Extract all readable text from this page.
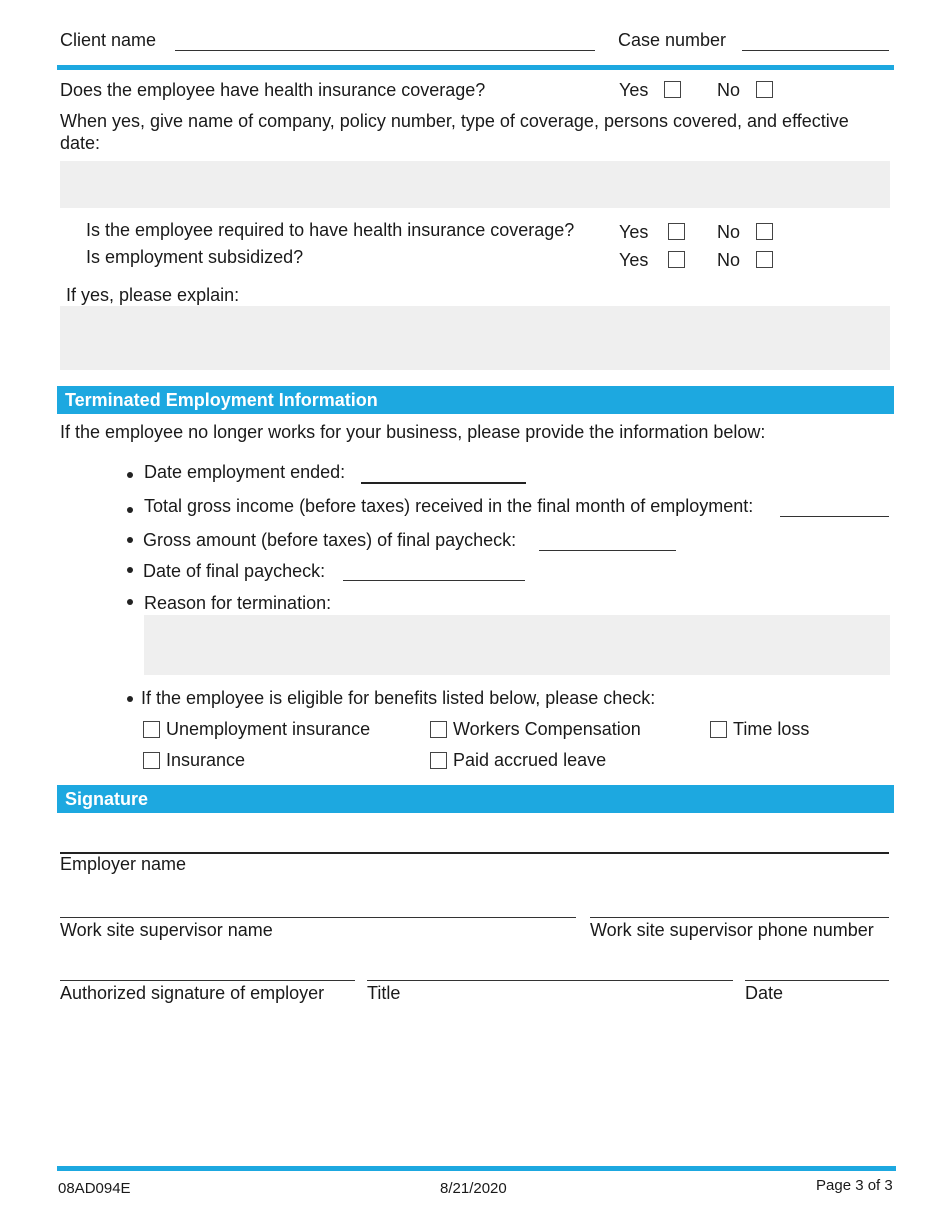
Client name	Case number
Does the employee have health insurance coverage?	Yes	No
When yes, give name of company, policy number, type of coverage, persons covered, and effective date:
Is the employee required to have health insurance coverage? Yes	No
Is employment subsidized?	Yes	No
If yes, please explain:
Terminated Employment Information
If the employee no longer works for your business, please provide the information below:
Date employment ended:
Total gross income (before taxes) received in the final month of employment:
Gross amount (before taxes) of final paycheck:
Date of final paycheck:
Reason for termination:
If the employee is eligible for benefits listed below, please check:
Unemployment insurance	Workers Compensation	Time loss
Insurance	Paid accrued leave
Signature
Employer name
Work site supervisor name	Work site supervisor phone number
Authorized signature of employer Title	Date
08AD094E	8/21/2020	Page 3 of 3
